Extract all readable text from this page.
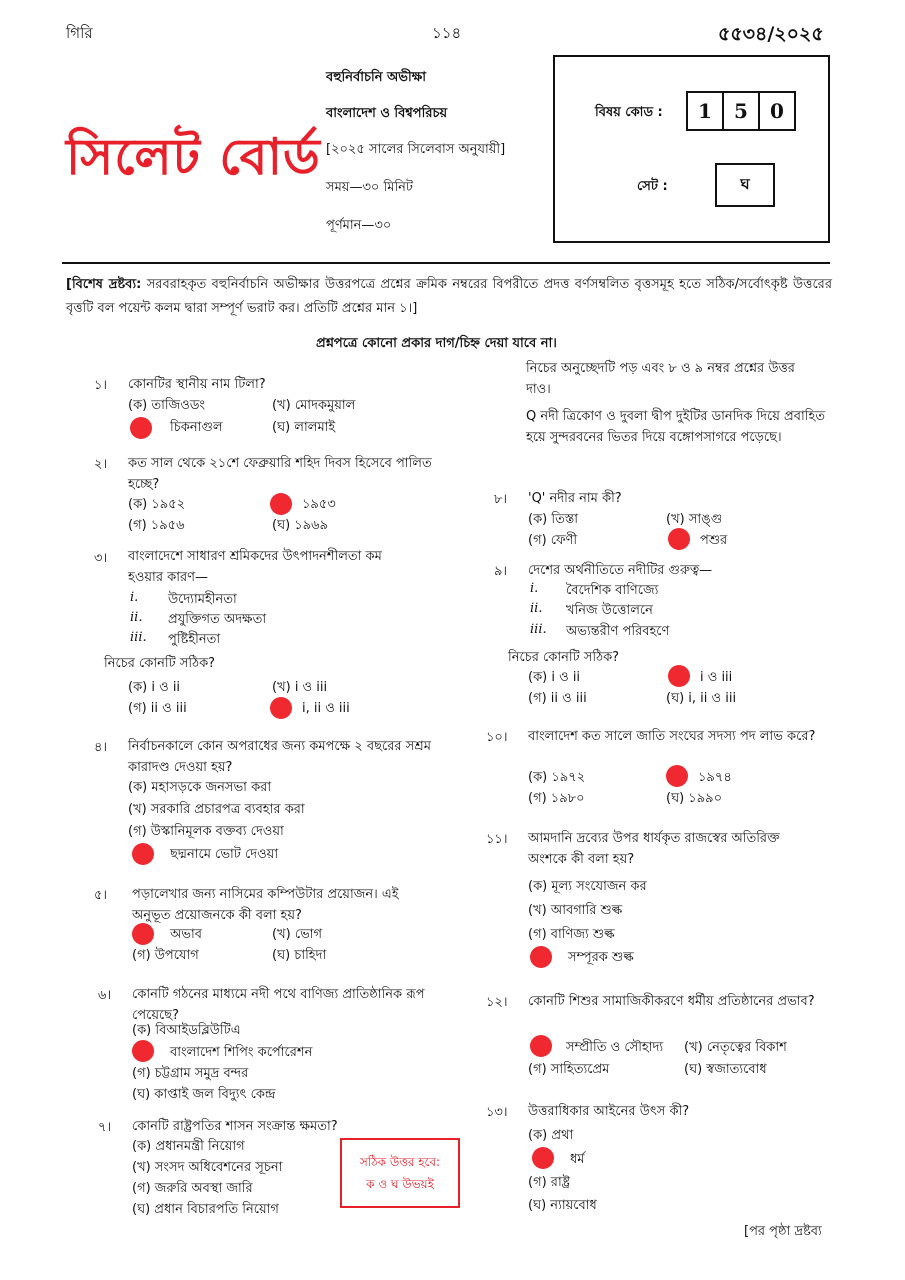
গিরি	১১৪	৫৫৩৪/২০২৫
সিলেট বোর্ড
বহুনির্বাচনি অভীক্ষা
বাংলাদেশ ও বিশ্বপরিচয়
[২০২৫ সালের সিলেবাস অনুযায়ী]
সময়—৩০ মিনিট
পূর্ণমান—৩০
বিষয় কোড :	1	5	0
সেট :	ঘ
[বিশেষ দ্রষ্টব্য: সরবরাহকৃত বহুনির্বাচনি অভীক্ষার উত্তরপত্রে প্রশ্নের ক্রমিক নম্বরের বিপরীতে প্রদত্ত বর্ণসম্বলিত বৃত্তসমূহ হতে সঠিক/সর্বোৎকৃষ্ট উত্তরের বৃত্তটি বল পয়েন্ট কলম দ্বারা সম্পূর্ণ ভরাট কর। প্রতিটি প্রশ্নের মান ১।]
প্রশ্নপত্রে কোনো প্রকার দাগ/চিহ্ন দেয়া যাবে না।
১। কোনটির স্থানীয় নাম টিলা?
(ক) তাজিওডং	(খ) মোদকমুয়াল
চিকনাগুল	(ঘ) লালমাই
২। কত সাল থেকে ২১শে ফেব্রুয়ারি শহিদ দিবস হিসেবে পালিত হচ্ছে?
(ক) ১৯৫২	১৯৫৩
(গ) ১৯৫৬	(ঘ) ১৯৬৯
৩। বাংলাদেশে সাধারণ শ্রমিকদের উৎপাদনশীলতা কম হওয়ার কারণ—
i. উদ্যোমহীনতা
ii. প্রযুক্তিগত অদক্ষতা
iii. পুষ্টিহীনতা
নিচের কোনটি সঠিক?
(ক) i ও ii	(খ) i ও iii
(গ) ii ও iii	i, ii ও iii
৪। নির্বাচনকালে কোন অপরাধের জন্য কমপক্ষে ২ বছরের সশ্রম কারাদণ্ড দেওয়া হয়?
(ক) মহাসড়কে জনসভা করা
(খ) সরকারি প্রচারপত্র ব্যবহার করা
(গ) উস্কানিমূলক বক্তব্য দেওয়া
ছদ্মনামে ভোট দেওয়া
৫। পড়ালেখার জন্য নাসিমের কম্পিউটার প্রয়োজন। এই অনুভূত প্রয়োজনকে কী বলা হয়?
অভাব	(খ) ভোগ
(গ) উপযোগ	(ঘ) চাহিদা
৬। কোনটি গঠনের মাধ্যমে নদী পথে বাণিজ্য প্রাতিষ্ঠানিক রূপ পেয়েছে?
(ক) বিআইডব্লিউটিএ
বাংলাদেশ শিপিং কর্পোরেশন
(গ) চট্টগ্রাম সমুদ্র বন্দর
(ঘ) কাপ্তাই জল বিদ্যুৎ কেন্দ্র
৭। কোনটি রাষ্ট্রপতির শাসন সংক্রান্ত ক্ষমতা?
(ক) প্রধানমন্ত্রী নিয়োগ
(খ) সংসদ অধিবেশনের সূচনা
(গ) জরুরি অবস্থা জারি
(ঘ) প্রধান বিচারপতি নিয়োগ
সঠিক উত্তর হবে:
ক ও ঘ উভয়ই
নিচের অনুচ্ছেদটি পড় এবং ৮ ও ৯ নম্বর প্রশ্নের উত্তর দাও।
Q নদী ত্রিকোণ ও দুবলা দ্বীপ দুইটির ডানদিক দিয়ে প্রবাহিত হয়ে সুন্দরবনের ভিতর দিয়ে বঙ্গোপসাগরে পড়েছে।
৮। 'Q' নদীর নাম কী?
(ক) তিস্তা	(খ) সাঙ্গু
(গ) ফেণী	পশুর
৯। দেশের অর্থনীতিতে নদীটির গুরুত্ব—
i. বৈদেশিক বাণিজ্যে
ii. খনিজ উত্তোলনে
iii. অভ্যন্তরীণ পরিবহণে
নিচের কোনটি সঠিক?
(ক) i ও ii	i ও iii
(গ) ii ও iii	(ঘ) i, ii ও iii
১০। বাংলাদেশ কত সালে জাতি সংঘের সদস্য পদ লাভ করে?
(ক) ১৯৭২	১৯৭৪
(গ) ১৯৮০	(ঘ) ১৯৯০
১১। আমদানি দ্রব্যের উপর ধার্যকৃত রাজস্বের অতিরিক্ত অংশকে কী বলা হয়?
(ক) মূল্য সংযোজন কর
(খ) আবগারি শুল্ক
(গ) বাণিজ্য শুল্ক
সম্পূরক শুল্ক
১২। কোনটি শিশুর সামাজিকীকরণে ধর্মীয় প্রতিষ্ঠানের প্রভাব?
সম্প্রীতি ও সৌহাদ্য (খ) নেতৃত্বের বিকাশ
(গ) সাহিত্যপ্রেম	(ঘ) স্বজাত্যবোধ
১৩। উত্তরাধিকার আইনের উৎস কী?
(ক) প্রথা
ধর্ম
(গ) রাষ্ট্র
(ঘ) ন্যায়বোধ
[পর পৃষ্ঠা দ্রষ্টব্য
